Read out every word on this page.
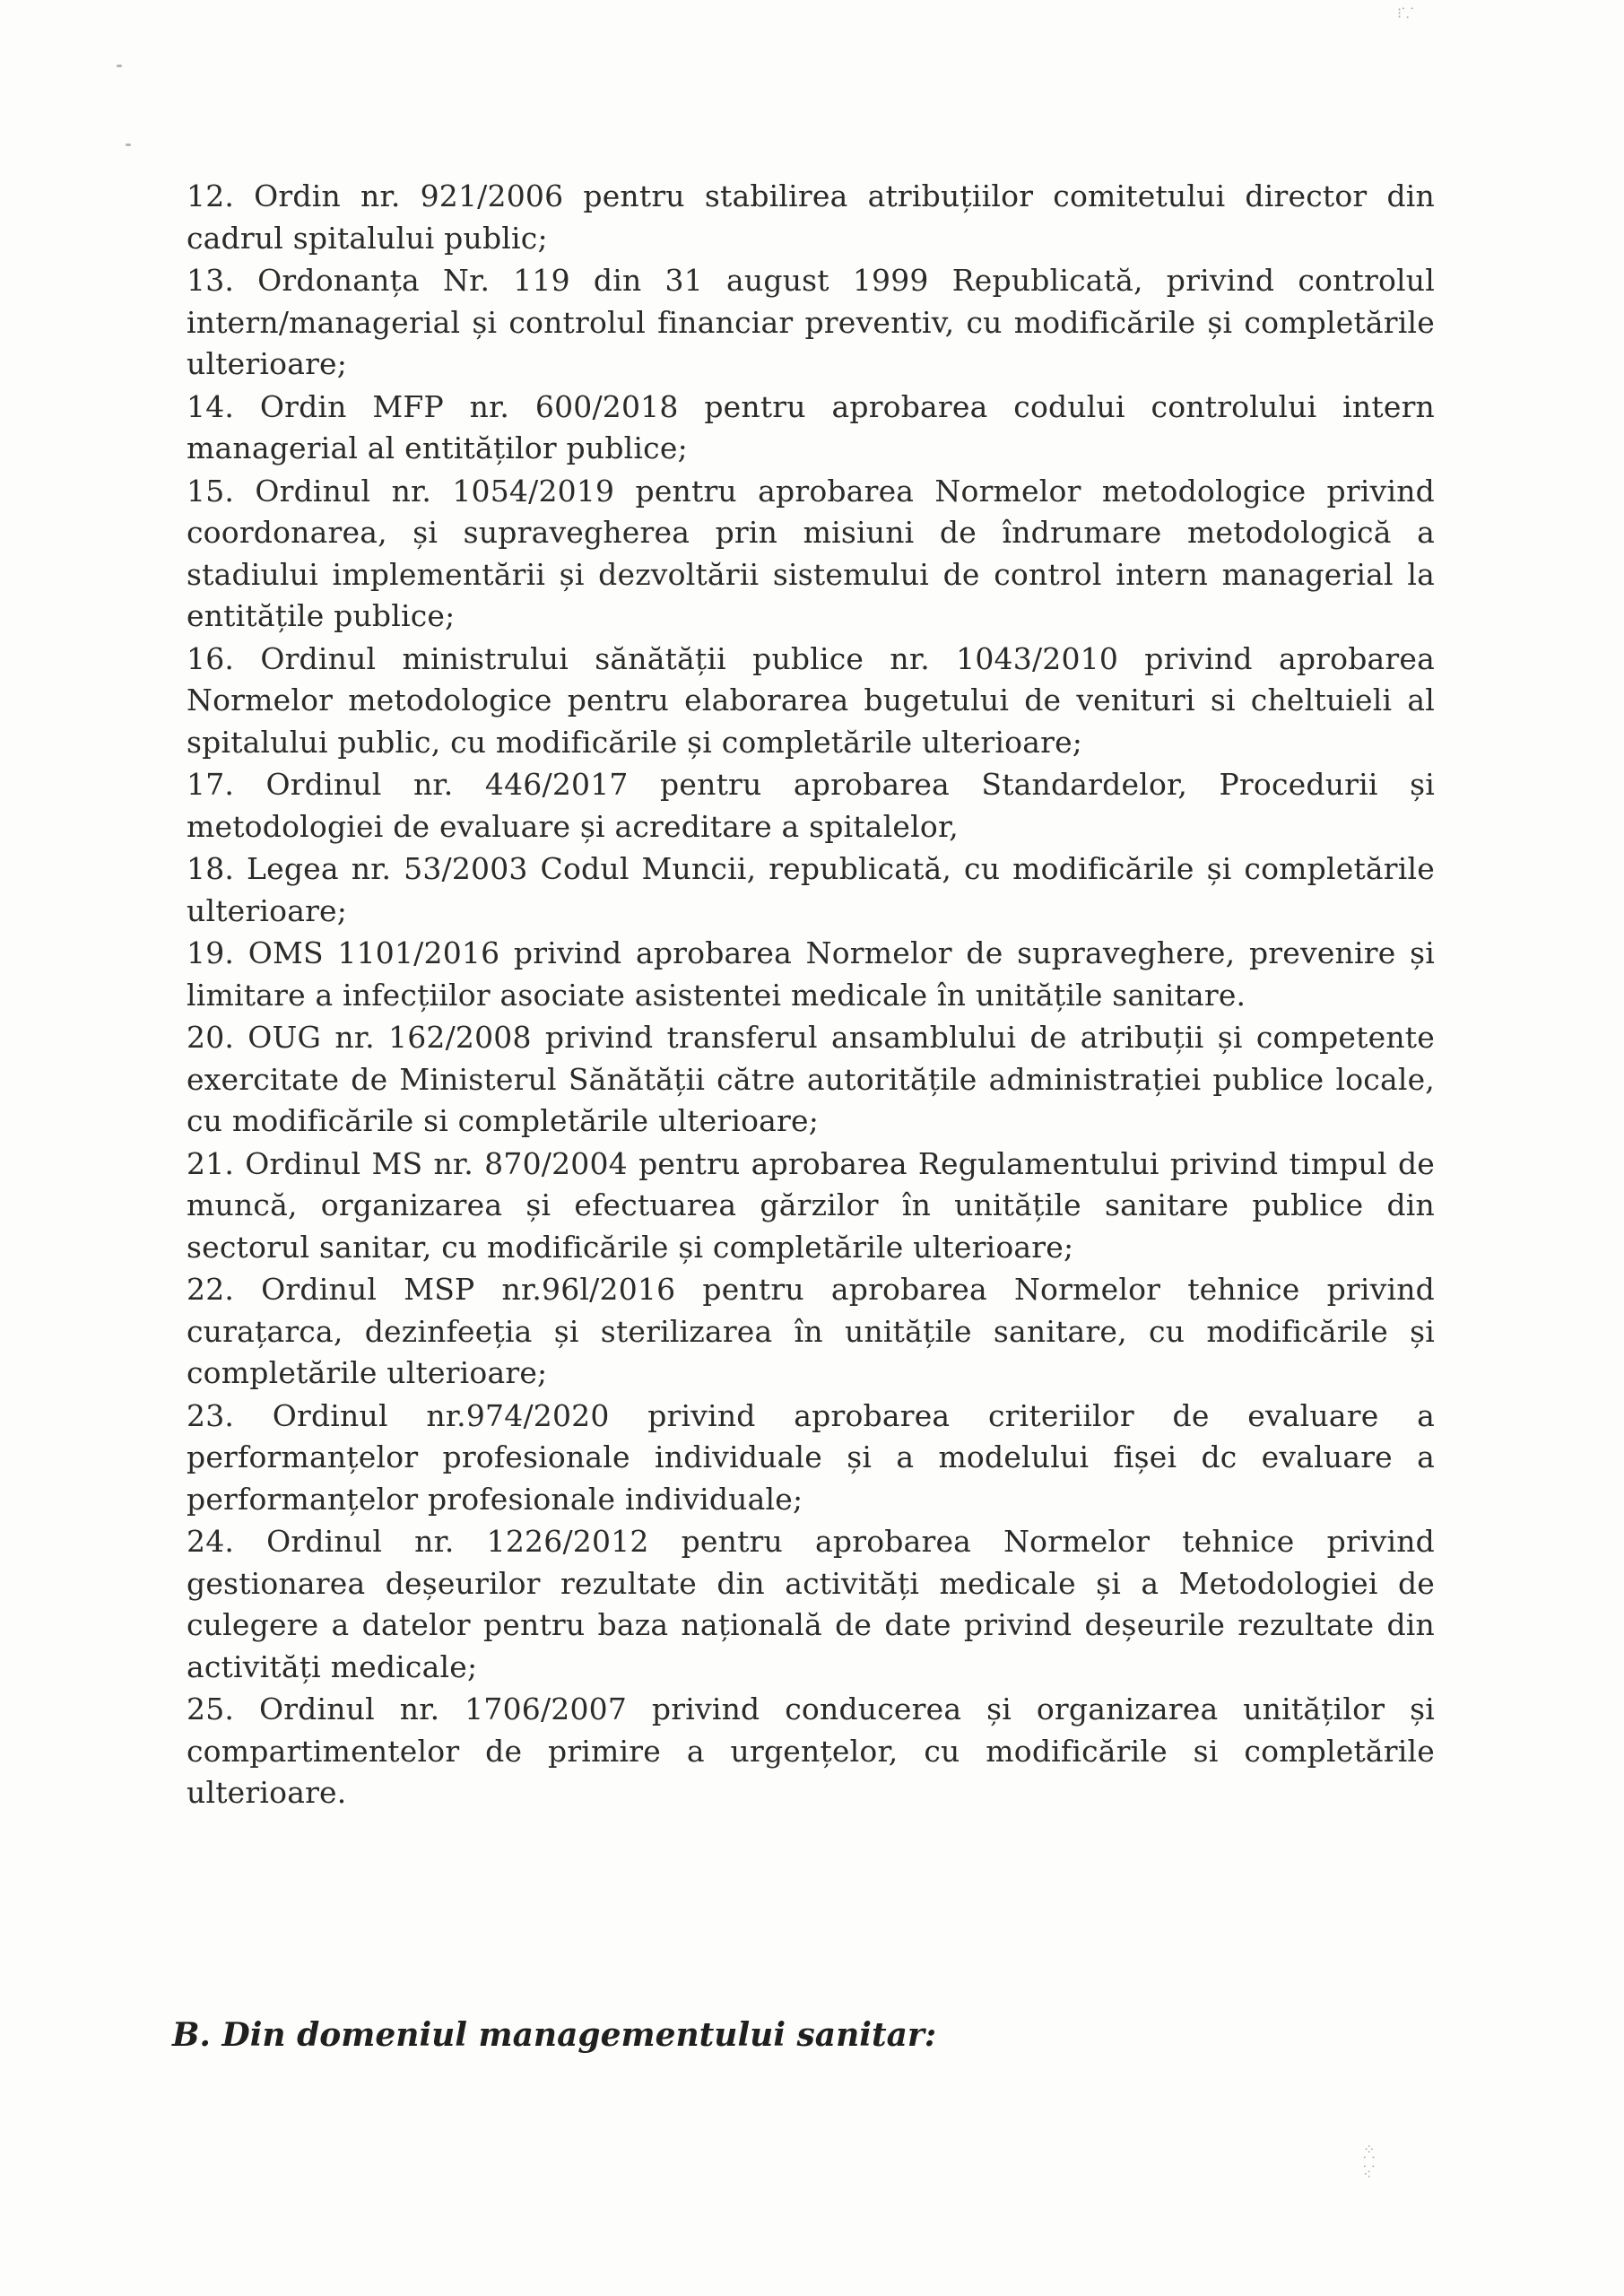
⁝⸪

12. Ordin nr. 921/2006 pentru stabilirea atribuțiilor comitetului director din cadrul spitalului public;

13. Ordonanța Nr. 119 din 31 august 1999 Republicată, privind controlul intern/managerial și controlul financiar preventiv, cu modificările și completările ulterioare;

14. Ordin MFP nr. 600/2018 pentru aprobarea codului controlului intern managerial al entităților publice;

15. Ordinul nr. 1054/2019 pentru aprobarea Normelor metodologice privind coordonarea, și supravegherea prin misiuni de îndrumare metodologică a stadiului implementării și dezvoltării sistemului de control intern managerial la entitățile publice;

16. Ordinul ministrului sănătății publice nr. 1043/2010 privind aprobarea Normelor metodologice pentru elaborarea bugetului de venituri si cheltuieli al spitalului public, cu modificările și completările ulterioare;

17. Ordinul nr. 446/2017 pentru aprobarea Standardelor, Procedurii și metodologiei de evaluare și acreditare a spitalelor,

18. Legea nr. 53/2003 Codul Muncii, republicată, cu modificările și completările ulterioare;

19. OMS 1101/2016 privind aprobarea Normelor de supraveghere, prevenire și limitare a infecțiilor asociate asistentei medicale în unitățile sanitare.

20. OUG nr. 162/2008 privind transferul ansamblului de atribuții și competente exercitate de Ministerul Sănătății către autoritățile administrației publice locale, cu modificările si completările ulterioare;

21. Ordinul MS nr. 870/2004 pentru aprobarea Regulamentului privind timpul de muncă, organizarea și efectuarea gărzilor în unitățile sanitare publice din sectorul sanitar, cu modificările și completările ulterioare;

22. Ordinul MSP nr.96l/2016 pentru aprobarea Normelor tehnice privind curațarca, dezinfeeția și sterilizarea în unitățile sanitare, cu modificările și completările ulterioare;

23. Ordinul nr.974/2020 privind aprobarea criteriilor de evaluare a performanțelor profesionale individuale și a modelului fișei dc evaluare a performanțelor profesionale individuale;

24. Ordinul nr. 1226/2012 pentru aprobarea Normelor tehnice privind gestionarea deșeurilor rezultate din activități medicale și a Metodologiei de culegere a datelor pentru baza națională de date privind deșeurile rezultate din activități medicale;

25. Ordinul nr. 1706/2007 privind conducerea și organizarea unităților și compartimentelor de primire a urgențelor, cu modificările si completările ulterioare.

B. Din domeniul managementului sanitar:
⁘
⸬
⁖
